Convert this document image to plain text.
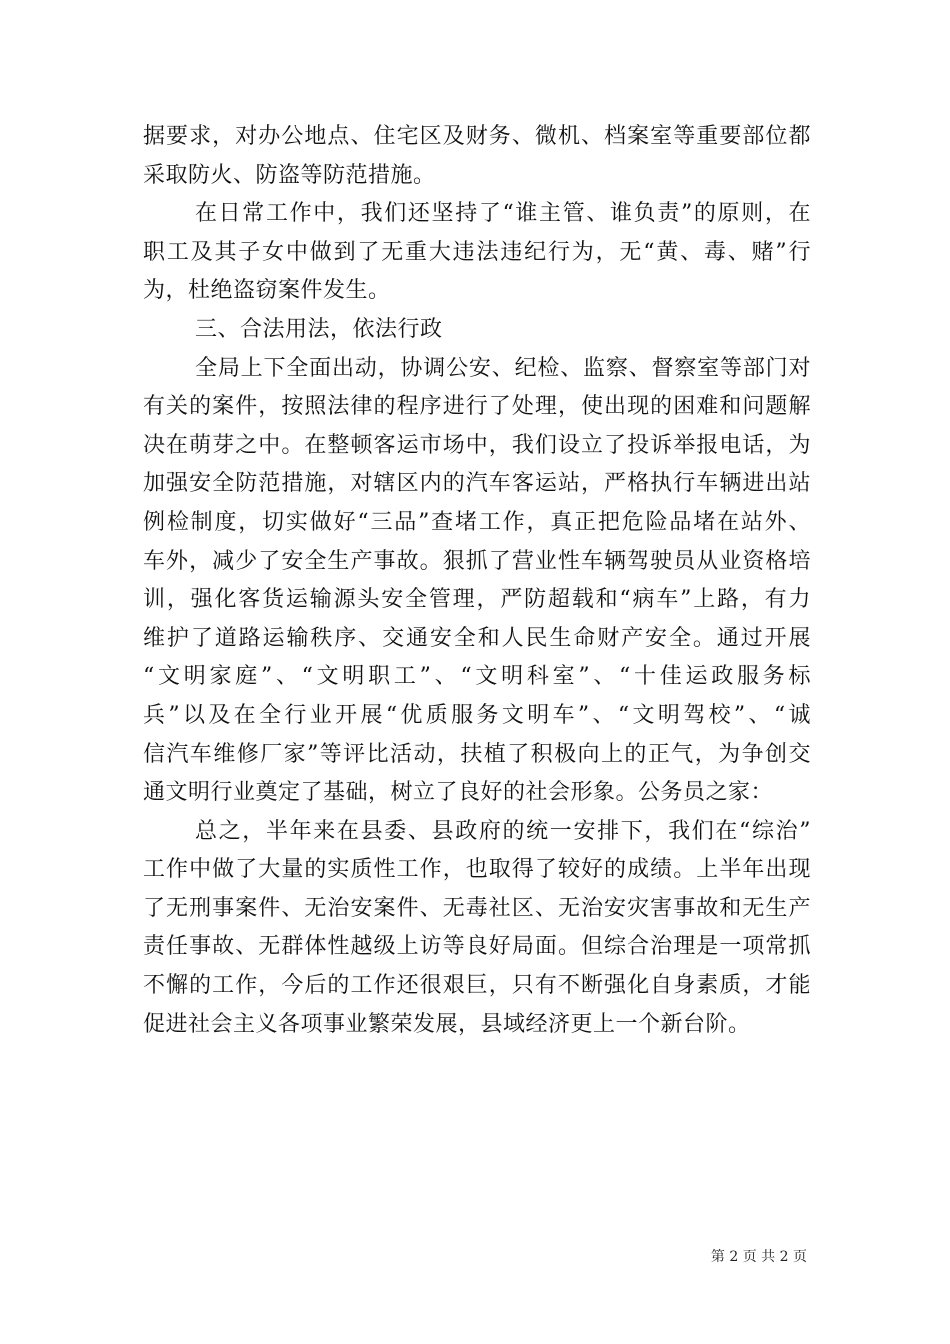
据要求，对办公地点、住宅区及财务、微机、档案室等重要部位都
采取防火、防盗等防范措施。
在日常工作中，我们还坚持了“谁主管、谁负责”的原则，在
职工及其子女中做到了无重大违法违纪行为，无“黄、毒、赌”行
为，杜绝盗窃案件发生。
三、合法用法，依法行政
全局上下全面出动，协调公安、纪检、监察、督察室等部门对
有关的案件，按照法律的程序进行了处理，使出现的困难和问题解
决在萌芽之中。在整顿客运市场中，我们设立了投诉举报电话，为
加强安全防范措施，对辖区内的汽车客运站，严格执行车辆进出站
例检制度，切实做好“三品”查堵工作，真正把危险品堵在站外、
车外，减少了安全生产事故。狠抓了营业性车辆驾驶员从业资格培
训，强化客货运输源头安全管理，严防超载和“病车”上路，有力
维护了道路运输秩序、交通安全和人民生命财产安全。通过开展
“文明家庭”、“文明职工”、“文明科室”、“十佳运政服务标
兵”以及在全行业开展“优质服务文明车”、“文明驾校”、“诚
信汽车维修厂家”等评比活动，扶植了积极向上的正气，为争创交
通文明行业奠定了基础，树立了良好的社会形象。公务员之家：
总之，半年来在县委、县政府的统一安排下，我们在“综治”
工作中做了大量的实质性工作，也取得了较好的成绩。上半年出现
了无刑事案件、无治安案件、无毒社区、无治安灾害事故和无生产
责任事故、无群体性越级上访等良好局面。但综合治理是一项常抓
不懈的工作，今后的工作还很艰巨，只有不断强化自身素质，才能
促进社会主义各项事业繁荣发展，县域经济更上一个新台阶。
第 2 页 共 2 页
